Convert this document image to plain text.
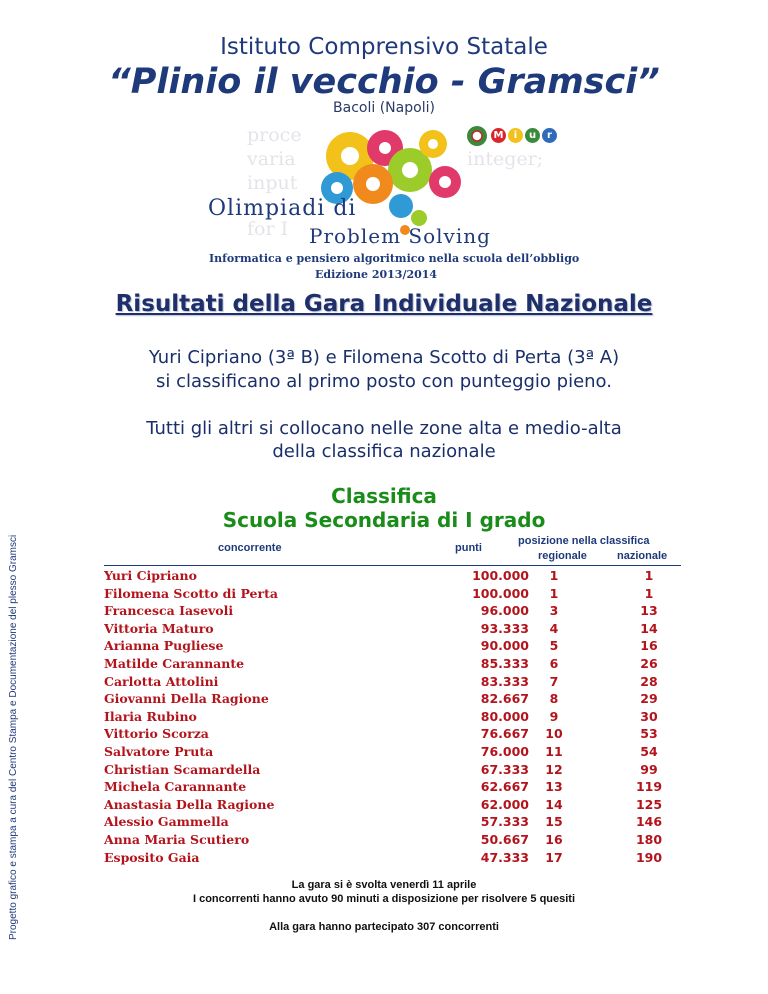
Istituto Comprensivo Statale
“Plinio il vecchio - Gramsci”
Bacoli (Napoli)
proce
varia
input
for I
integer;
M	i	u	r
Olimpiadi di
Problem Solving
Informatica e pensiero algoritmico nella scuola dell’obbligo
Edizione 2013/2014
Risultati della Gara Individuale Nazionale
Yuri Cipriano (3ª B) e Filomena Scotto di Perta (3ª A)
si classificano al primo posto con punteggio pieno.
Tutti gli altri si collocano nelle zone alta e medio-alta
della classifica nazionale
Classifica
Scuola Secondaria di I grado
Progetto grafico e stampa a cura del Centro Stampa e Documentazione del plesso Gramsci	concorrente	punti
posizione nella classifica
regionale	nazionale
Yuri Cipriano	100.000	1	1
Filomena Scotto di Perta	100.000	1	1
Francesca Iasevoli	96.000	3	13
Vittoria Maturo	93.333	4	14
Arianna Pugliese	90.000	5	16
Matilde Carannante	85.333	6	26
Carlotta Attolini	83.333	7	28
Giovanni Della Ragione	82.667	8	29
Ilaria Rubino	80.000	9	30
Vittorio Scorza	76.667	10	53
Salvatore Pruta	76.000	11	54
Christian Scamardella	67.333	12	99
Michela Carannante	62.667	13	119
Anastasia Della Ragione	62.000	14	125
Alessio Gammella	57.333	15	146
Anna Maria Scutiero	50.667	16	180
Esposito Gaia	47.333	17	190
La gara si è svolta venerdì 11 aprile
I concorrenti hanno avuto 90 minuti a disposizione per risolvere 5 quesiti
Alla gara hanno partecipato 307 concorrenti
